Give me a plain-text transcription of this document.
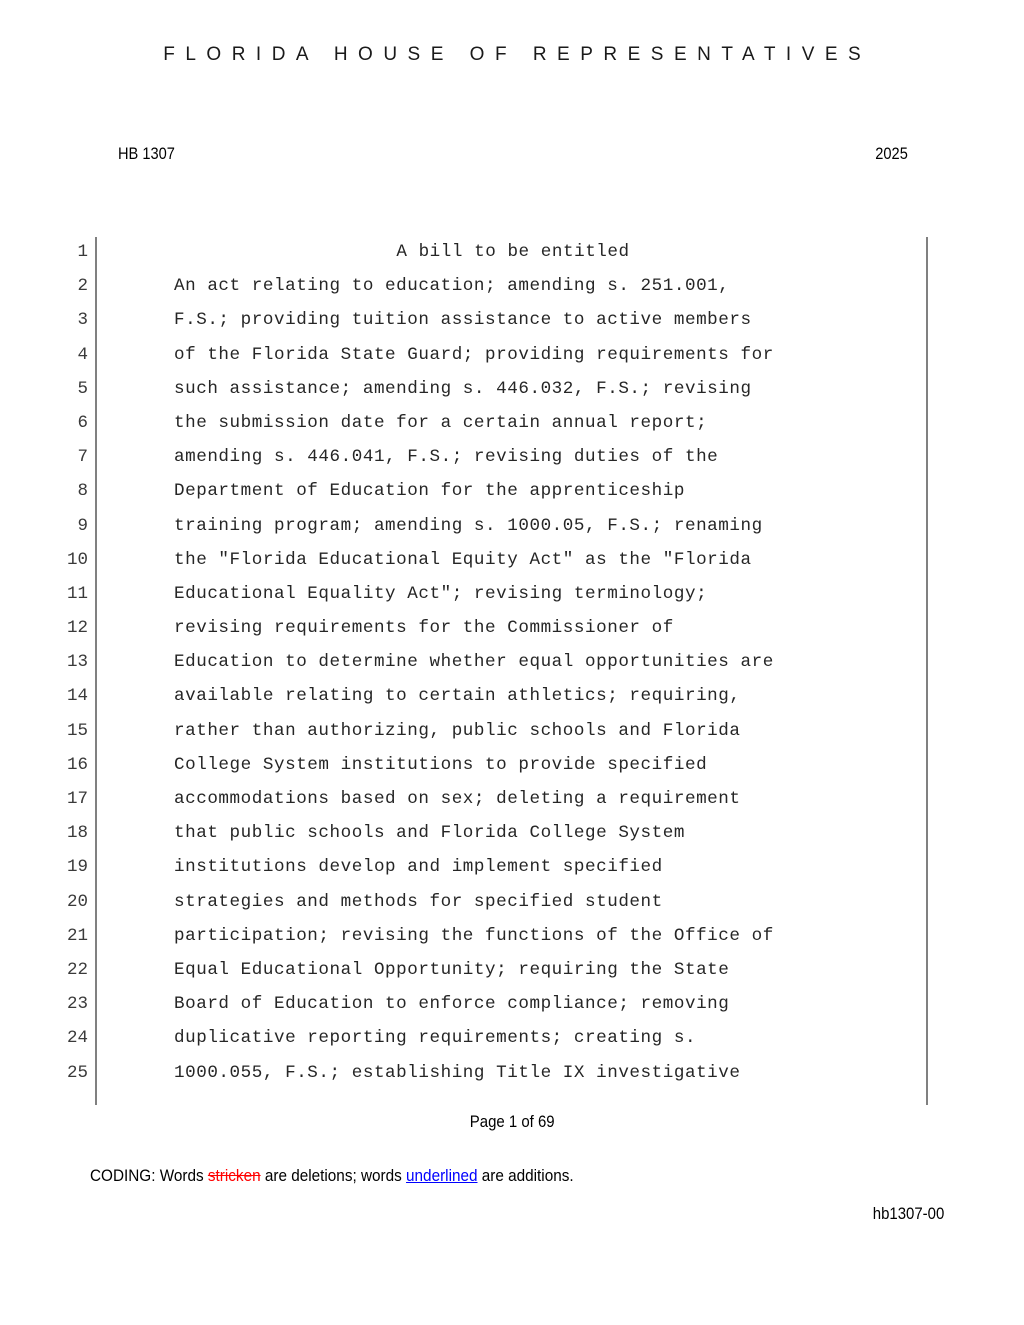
FLORIDA HOUSE OF REPRESENTATIVES
HB 1307	2025
1	A bill to be entitled
2	An act relating to education; amending s. 251.001,
3	F.S.; providing tuition assistance to active members
4	of the Florida State Guard; providing requirements for
5	such assistance; amending s. 446.032, F.S.; revising
6	the submission date for a certain annual report;
7	amending s. 446.041, F.S.; revising duties of the
8	Department of Education for the apprenticeship
9	training program; amending s. 1000.05, F.S.; renaming
10	the "Florida Educational Equity Act" as the "Florida
11	Educational Equality Act"; revising terminology;
12	revising requirements for the Commissioner of
13	Education to determine whether equal opportunities are
14	available relating to certain athletics; requiring,
15	rather than authorizing, public schools and Florida
16	College System institutions to provide specified
17	accommodations based on sex; deleting a requirement
18	that public schools and Florida College System
19	institutions develop and implement specified
20	strategies and methods for specified student
21	participation; revising the functions of the Office of
22	Equal Educational Opportunity; requiring the State
23	Board of Education to enforce compliance; removing
24	duplicative reporting requirements; creating s.
25	1000.055, F.S.; establishing Title IX investigative
Page 1 of 69
CODING: Words stricken are deletions; words underlined are additions.
hb1307-00
